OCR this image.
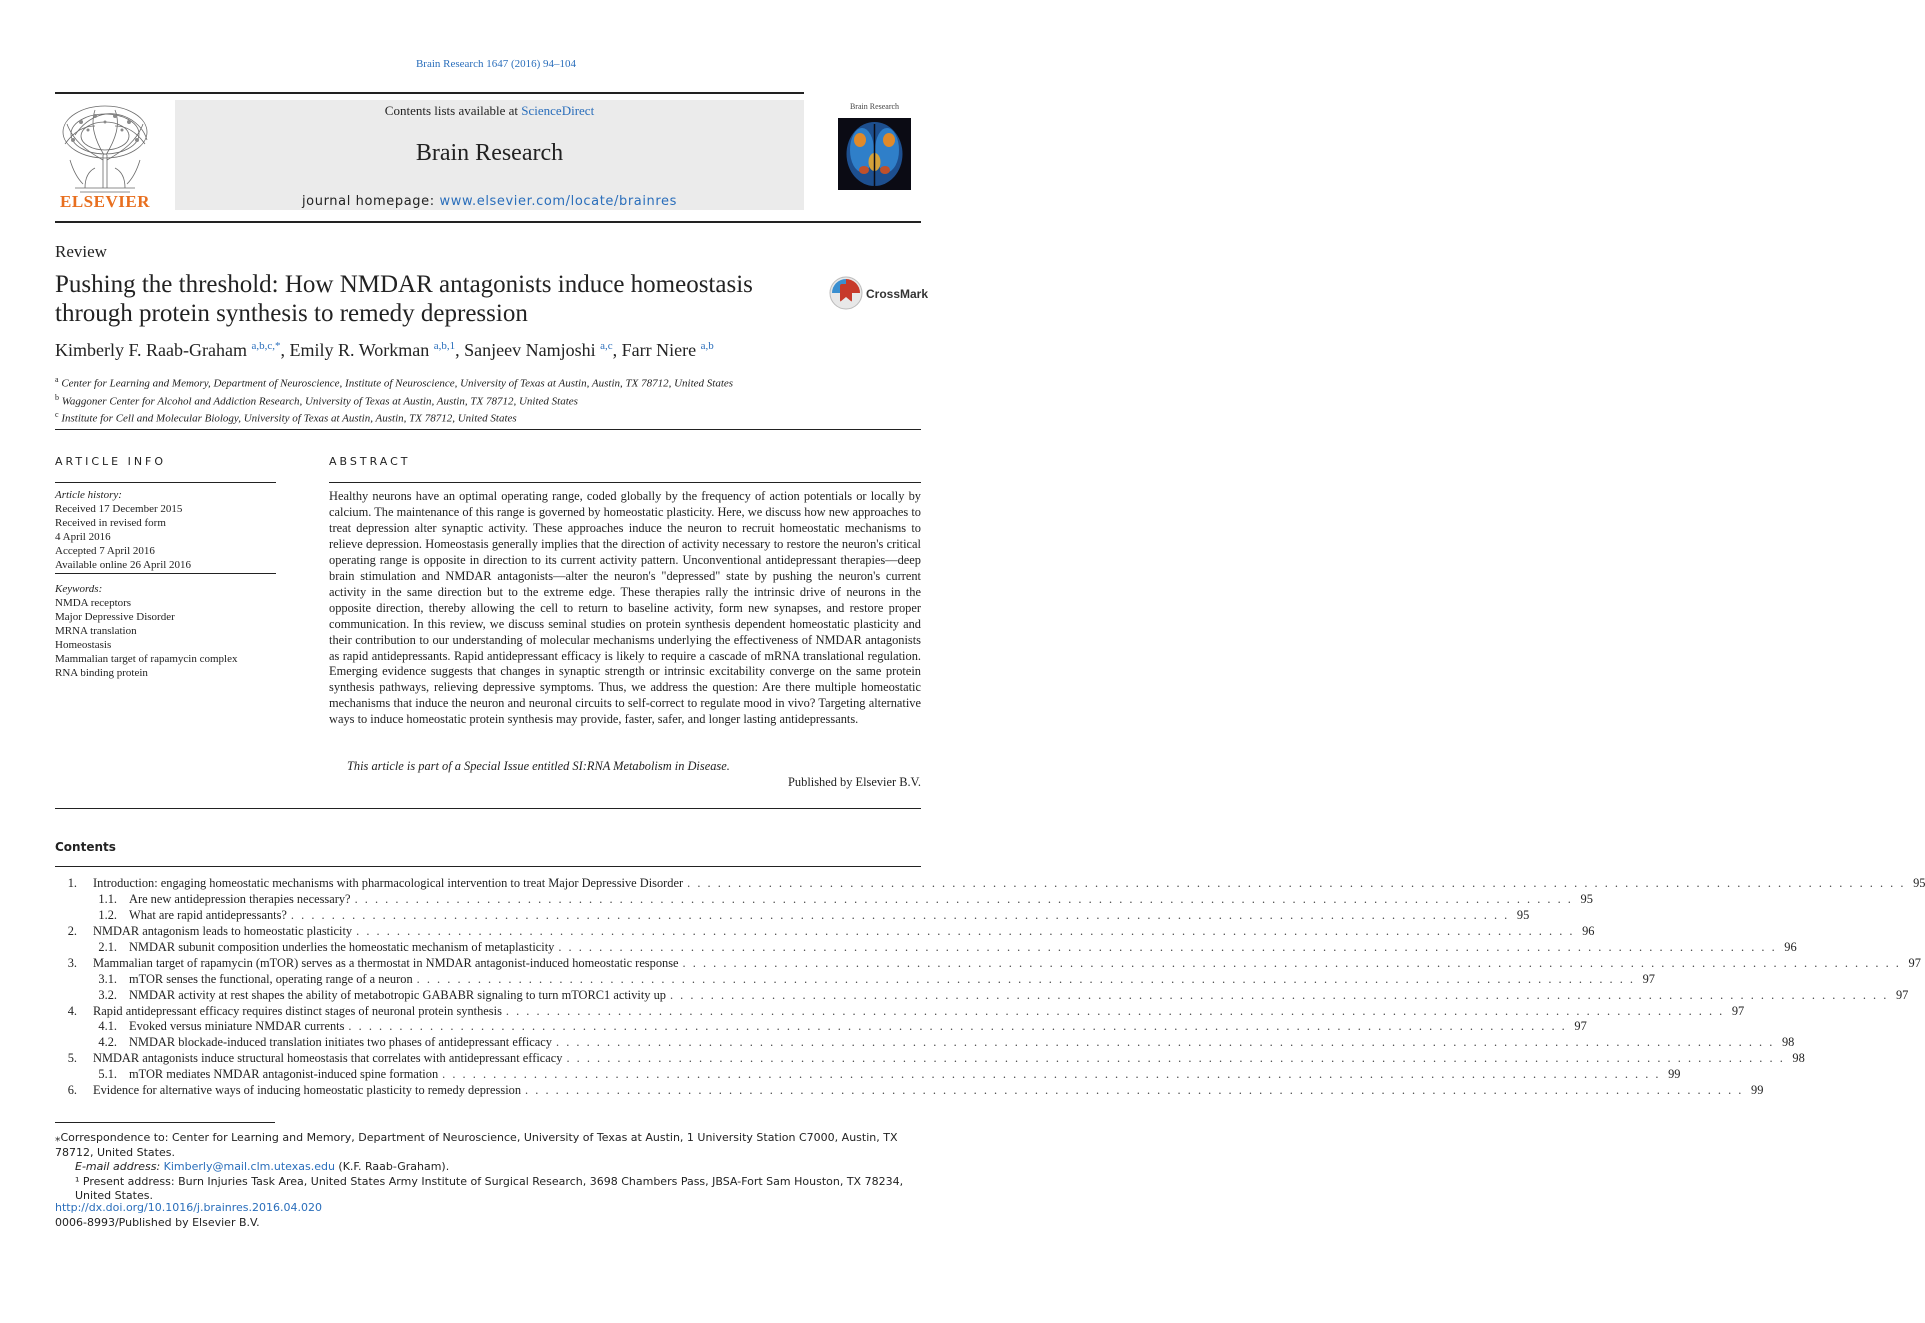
Brain Research 1647 (2016) 94–104
ELSEVIER
Contents lists available at ScienceDirect
Brain Research
journal homepage: www.elsevier.com/locate/brainres
Brain Research
Review
Pushing the threshold: How NMDAR antagonists induce homeostasis through protein synthesis to remedy depression
CrossMark
Kimberly F. Raab-Graham $^{a,b,c,*}$, Emily R. Workman $^{a,b,1}$, Sanjeev Namjoshi $^{a,c}$, Farr Niere $^{a,b}$
$^a$ Center for Learning and Memory, Department of Neuroscience, Institute of Neuroscience, University of Texas at Austin, Austin, TX 78712, United States
$^b$ Waggoner Center for Alcohol and Addiction Research, University of Texas at Austin, Austin, TX 78712, United States
$^c$ Institute for Cell and Molecular Biology, University of Texas at Austin, Austin, TX 78712, United States
ARTICLE INFO
Article history:
Received 17 December 2015
Received in revised form
4 April 2016
Accepted 7 April 2016
Available online 26 April 2016
Keywords:
NMDA receptors
Major Depressive Disorder
MRNA translation
Homeostasis
Mammalian target of rapamycin complex
RNA binding protein
ABSTRACT
Healthy neurons have an optimal operating range, coded globally by the frequency of action potentials or locally by calcium. The maintenance of this range is governed by homeostatic plasticity. Here, we discuss how new approaches to treat depression alter synaptic activity. These approaches induce the neuron to recruit homeostatic mechanisms to relieve depression. Homeostasis generally implies that the direction of activity necessary to restore the neuron's critical operating range is opposite in direction to its current activity pattern. Unconventional antidepressant therapies—deep brain stimulation and NMDAR antagonists—alter the neuron's "depressed" state by pushing the neuron's current activity in the same direction but to the extreme edge. These therapies rally the intrinsic drive of neurons in the opposite direction, thereby allowing the cell to return to baseline activity, form new synapses, and restore proper communication. In this review, we discuss seminal studies on protein synthesis dependent homeostatic plasticity and their contribution to our understanding of molecular mechanisms underlying the effectiveness of NMDAR antagonists as rapid antidepressants. Rapid antidepressant efficacy is likely to require a cascade of mRNA translational regulation. Emerging evidence suggests that changes in synaptic strength or intrinsic excitability converge on the same protein synthesis pathways, relieving depressive symptoms. Thus, we address the question: Are there multiple homeostatic mechanisms that induce the neuron and neuronal circuits to self-correct to regulate mood in vivo? Targeting alternative ways to induce homeostatic protein synthesis may provide, faster, safer, and longer lasting antidepressants.
This article is part of a Special Issue entitled SI:RNA Metabolism in Disease.
Published by Elsevier B.V.
Contents
1. Introduction: engaging homeostatic mechanisms with pharmacological intervention to treat Major Depressive Disorder . . . . . . . . . . . . . . . . . . . . . . . . . . . . . . . . . . . . . . . . . . . . . . . . . . . . . . . . . . . . . . . . . . . . . . . . . . . . . . . . . . . . . . . . . . . . . . . . . . . . . . . . . . . . . . . . . . . . . . . . 95
1.1. Are new antidepression therapies necessary? . . . . . . . . . . . . . . . . . . . . . . . . . . . . . . . . . . . . . . . . . . . . . . . . . . . . . . . . . . . . . . . . . . . . . . . . . . . . . . . . . . . . . . . . . . . . . . . . . . . . . . . . . . . . . . . . . . . . . . . . 95
1.2. What are rapid antidepressants? . . . . . . . . . . . . . . . . . . . . . . . . . . . . . . . . . . . . . . . . . . . . . . . . . . . . . . . . . . . . . . . . . . . . . . . . . . . . . . . . . . . . . . . . . . . . . . . . . . . . . . . . . . . . . . . . . . . . . . . . 95
2. NMDAR antagonism leads to homeostatic plasticity . . . . . . . . . . . . . . . . . . . . . . . . . . . . . . . . . . . . . . . . . . . . . . . . . . . . . . . . . . . . . . . . . . . . . . . . . . . . . . . . . . . . . . . . . . . . . . . . . . . . . . . . . . . . . . . . . . . . . . . . 96
2.1. NMDAR subunit composition underlies the homeostatic mechanism of metaplasticity . . . . . . . . . . . . . . . . . . . . . . . . . . . . . . . . . . . . . . . . . . . . . . . . . . . . . . . . . . . . . . . . . . . . . . . . . . . . . . . . . . . . . . . . . . . . . . . . . . . . . . . . . . . . . . . . . . . . . . . . 96
3. Mammalian target of rapamycin (mTOR) serves as a thermostat in NMDAR antagonist-induced homeostatic response . . . . . . . . . . . . . . . . . . . . . . . . . . . . . . . . . . . . . . . . . . . . . . . . . . . . . . . . . . . . . . . . . . . . . . . . . . . . . . . . . . . . . . . . . . . . . . . . . . . . . . . . . . . . . . . . . . . . . . . . 97
3.1. mTOR senses the functional, operating range of a neuron . . . . . . . . . . . . . . . . . . . . . . . . . . . . . . . . . . . . . . . . . . . . . . . . . . . . . . . . . . . . . . . . . . . . . . . . . . . . . . . . . . . . . . . . . . . . . . . . . . . . . . . . . . . . . . . . . . . . . . . . 97
3.2. NMDAR activity at rest shapes the ability of metabotropic GABABR signaling to turn mTORC1 activity up . . . . . . . . . . . . . . . . . . . . . . . . . . . . . . . . . . . . . . . . . . . . . . . . . . . . . . . . . . . . . . . . . . . . . . . . . . . . . . . . . . . . . . . . . . . . . . . . . . . . . . . . . . . . . . . . . . . . . . . . 97
4. Rapid antidepressant efficacy requires distinct stages of neuronal protein synthesis . . . . . . . . . . . . . . . . . . . . . . . . . . . . . . . . . . . . . . . . . . . . . . . . . . . . . . . . . . . . . . . . . . . . . . . . . . . . . . . . . . . . . . . . . . . . . . . . . . . . . . . . . . . . . . . . . . . . . . . . 97
4.1. Evoked versus miniature NMDAR currents . . . . . . . . . . . . . . . . . . . . . . . . . . . . . . . . . . . . . . . . . . . . . . . . . . . . . . . . . . . . . . . . . . . . . . . . . . . . . . . . . . . . . . . . . . . . . . . . . . . . . . . . . . . . . . . . . . . . . . . . 97
4.2. NMDAR blockade-induced translation initiates two phases of antidepressant efficacy . . . . . . . . . . . . . . . . . . . . . . . . . . . . . . . . . . . . . . . . . . . . . . . . . . . . . . . . . . . . . . . . . . . . . . . . . . . . . . . . . . . . . . . . . . . . . . . . . . . . . . . . . . . . . . . . . . . . . . . . 98
5. NMDAR antagonists induce structural homeostasis that correlates with antidepressant efficacy . . . . . . . . . . . . . . . . . . . . . . . . . . . . . . . . . . . . . . . . . . . . . . . . . . . . . . . . . . . . . . . . . . . . . . . . . . . . . . . . . . . . . . . . . . . . . . . . . . . . . . . . . . . . . . . . . . . . . . . . 98
5.1. mTOR mediates NMDAR antagonist-induced spine formation . . . . . . . . . . . . . . . . . . . . . . . . . . . . . . . . . . . . . . . . . . . . . . . . . . . . . . . . . . . . . . . . . . . . . . . . . . . . . . . . . . . . . . . . . . . . . . . . . . . . . . . . . . . . . . . . . . . . . . . . 99
6. Evidence for alternative ways of inducing homeostatic plasticity to remedy depression . . . . . . . . . . . . . . . . . . . . . . . . . . . . . . . . . . . . . . . . . . . . . . . . . . . . . . . . . . . . . . . . . . . . . . . . . . . . . . . . . . . . . . . . . . . . . . . . . . . . . . . . . . . . . . . . . . . . . . . . 99
⁎Correspondence to: Center for Learning and Memory, Department of Neuroscience, University of Texas at Austin, 1 University Station C7000, Austin, TX 78712, United States.
E-mail address: Kimberly@mail.clm.utexas.edu (K.F. Raab-Graham).
¹ Present address: Burn Injuries Task Area, United States Army Institute of Surgical Research, 3698 Chambers Pass, JBSA-Fort Sam Houston, TX 78234, United States.
http://dx.doi.org/10.1016/j.brainres.2016.04.020
0006-8993/Published by Elsevier B.V.
